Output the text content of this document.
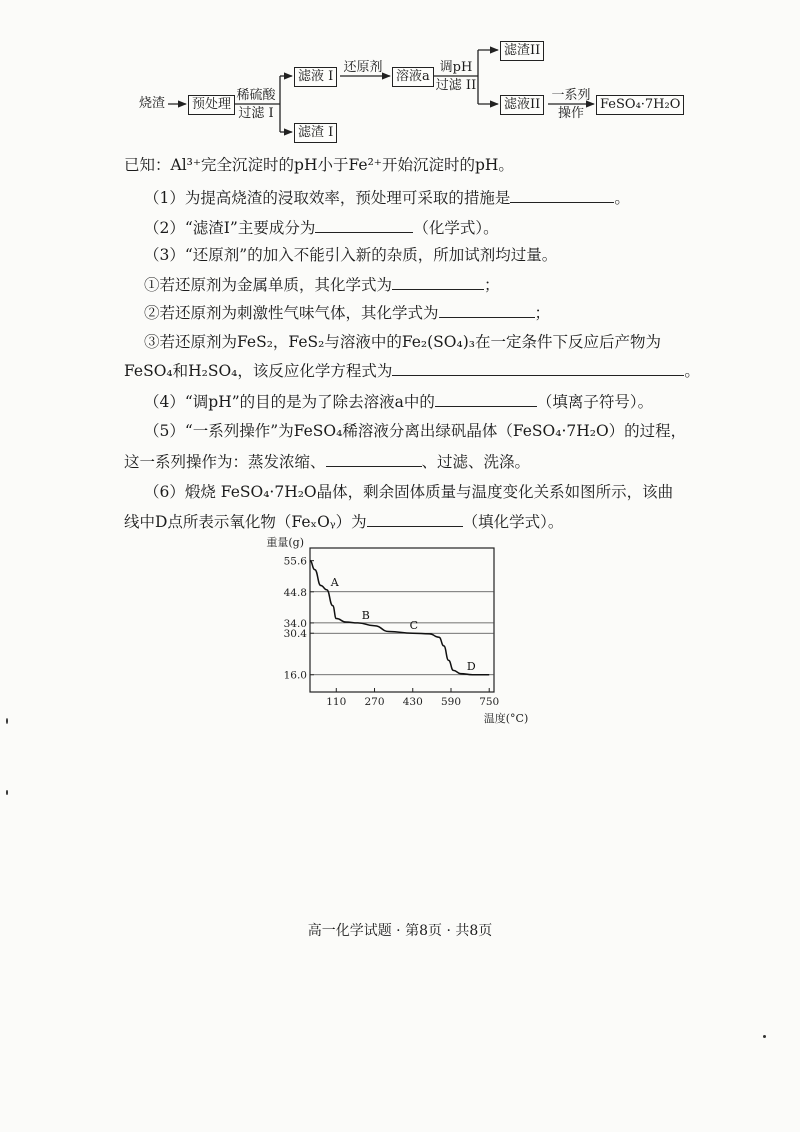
烧渣	预处理
稀硫酸
过滤 I
滤液 I
滤渣 I
还原剂
溶液a
调pH
过滤 II
滤渣II
滤液II
一系列
操作
FeSO₄·7H₂O
已知：Al³⁺完全沉淀时的pH小于Fe²⁺开始沉淀时的pH。
（1）为提高烧渣的浸取效率，预处理可采取的措施是	。
（2）“滤渣I”主要成分为	（化学式）。
（3）“还原剂”的加入不能引入新的杂质，所加试剂均过量。
①若还原剂为金属单质，其化学式为	；
②若还原剂为刺激性气味气体，其化学式为	；
③若还原剂为FeS₂，FeS₂与溶液中的Fe₂(SO₄)₃在一定条件下反应后产物为
FeSO₄和H₂SO₄，该反应化学方程式为	。
（4）“调pH”的目的是为了除去溶液a中的	（填离子符号）。
（5）“一系列操作”为FeSO₄稀溶液分离出绿矾晶体（FeSO₄·7H₂O）的过程，
这一系列操作为：蒸发浓缩、	、过滤、洗涤。
（6）煅烧 FeSO₄·7H₂O晶体，剩余固体质量与温度变化关系如图所示，该曲
线中D点所表示氧化物（FeₓOᵧ）为	（填化学式）。
55.6
44.8
34.0
30.4
16.0
110 270 430 590 750
重量(g)
温度(°C)
A
B
C
D
高一化学试题 · 第8页 · 共8页
